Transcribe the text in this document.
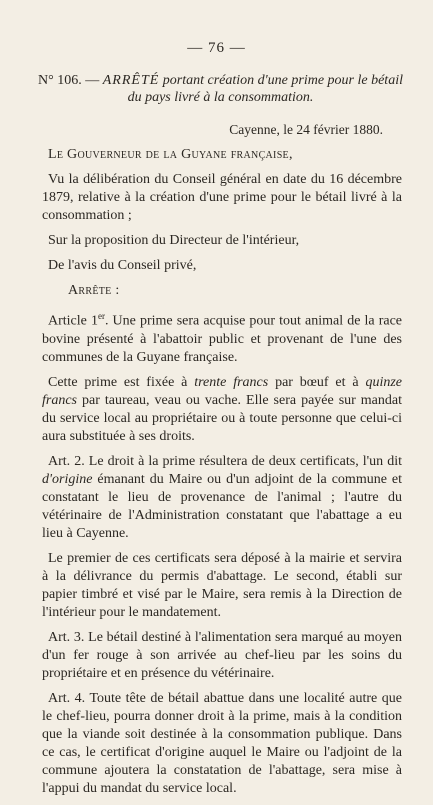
— 76 —
N° 106. — ARRÊTÉ portant création d'une prime pour le bétail du pays livré à la consommation.
Cayenne, le 24 février 1880.

Le Gouverneur de la Guyane française,

Vu la délibération du Conseil général en date du 16 décembre 1879, relative à la création d'une prime pour le bétail livré à la consommation ;

Sur la proposition du Directeur de l'intérieur,

De l'avis du Conseil privé,

Arrête :

Article 1er. Une prime sera acquise pour tout animal de la race bovine présenté à l'abattoir public et provenant de l'une des communes de la Guyane française.

Cette prime est fixée à trente francs par bœuf et à quinze francs par taureau, veau ou vache. Elle sera payée sur mandat du service local au propriétaire ou à toute personne que celui-ci aura substituée à ses droits.

Art. 2. Le droit à la prime résultera de deux certificats, l'un dit d'origine émanant du Maire ou d'un adjoint de la commune et constatant le lieu de provenance de l'animal ; l'autre du vétérinaire de l'Administration constatant que l'abattage a eu lieu à Cayenne.

Le premier de ces certificats sera déposé à la mairie et servira à la délivrance du permis d'abattage. Le second, établi sur papier timbré et visé par le Maire, sera remis à la Direction de l'intérieur pour le mandatement.

Art. 3. Le bétail destiné à l'alimentation sera marqué au moyen d'un fer rouge à son arrivée au chef-lieu par les soins du propriétaire et en présence du vétérinaire.

Art. 4. Toute tête de bétail abattue dans une localité autre que le chef-lieu, pourra donner droit à la prime, mais à la condition que la viande soit destinée à la consommation publique. Dans ce cas, le certificat d'origine auquel le Maire ou l'adjoint de la commune ajoutera la constatation de l'abattage, sera mise à l'appui du mandat du service local.
